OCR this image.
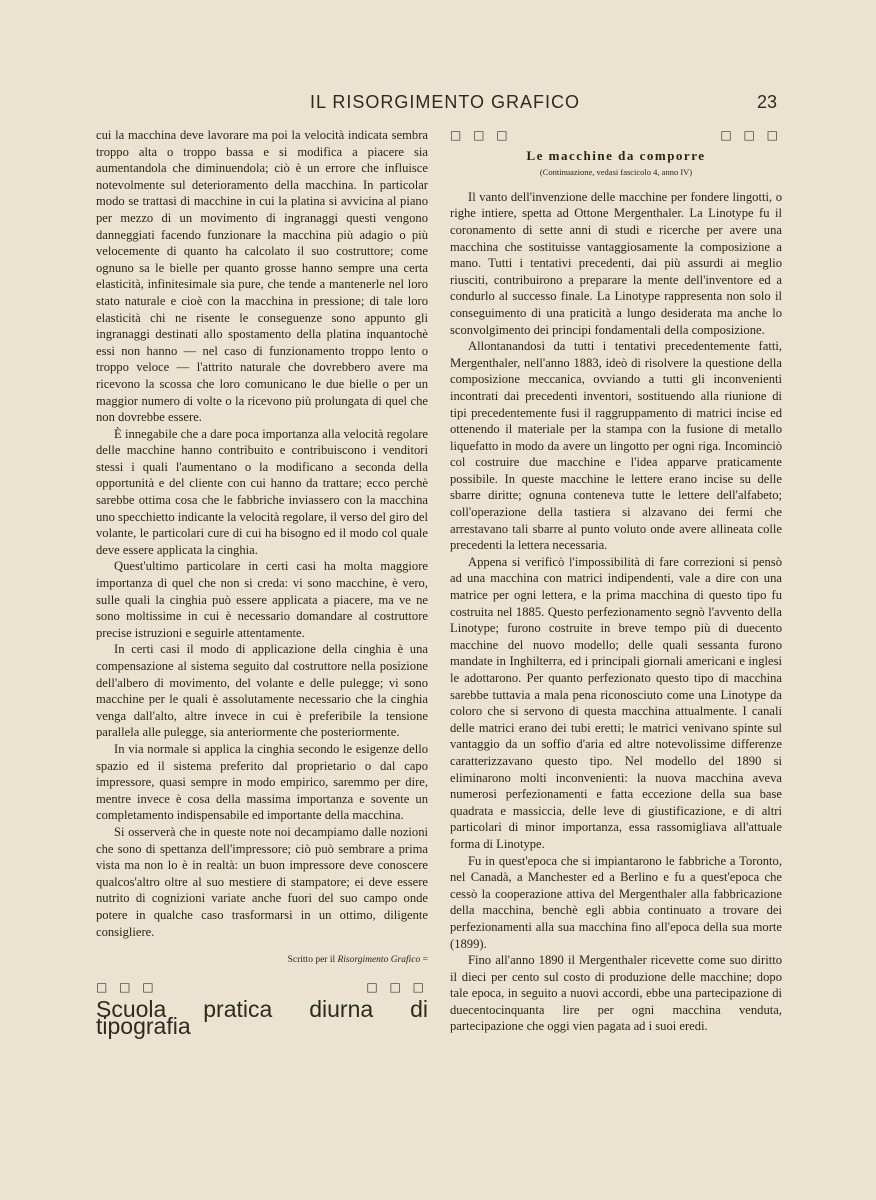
IL RISORGIMENTO GRAFICO	23

cui la macchina deve lavorare ma poi la velocità indicata sembra troppo alta o troppo bassa e si modifica a piacere sia aumentandola che diminuendola; ciò è un errore che influisce notevolmente sul deterioramento della macchina. In particolar modo se trattasi di macchine in cui la platina si avvicina al piano per mezzo di un movimento di ingranaggi questi vengono danneggiati facendo funzionare la macchina più adagio o più velocemente di quanto ha calcolato il suo costruttore; come ognuno sa le bielle per quanto grosse hanno sempre una certa elasticità, infinitesimale sia pure, che tende a mantenerle nel loro stato naturale e cioè con la macchina in pressione; di tale loro elasticità chi ne risente le conseguenze sono appunto gli ingranaggi destinati allo spostamento della platina inquantochè essi non hanno — nel caso di funzionamento troppo lento o troppo veloce — l'attrito naturale che dovrebbero avere ma ricevono la scossa che loro comunicano le due bielle o per un maggior numero di volte o la ricevono più prolungata di quel che non dovrebbe essere.

È innegabile che a dare poca importanza alla velocità regolare delle macchine hanno contribuito e contribuiscono i venditori stessi i quali l'aumentano o la modificano a seconda della opportunità e del cliente con cui hanno da trattare; ecco perchè sarebbe ottima cosa che le fabbriche inviassero con la macchina uno specchietto indicante la velocità regolare, il verso del giro del volante, le particolari cure di cui ha bisogno ed il modo col quale deve essere applicata la cinghia.

Quest'ultimo particolare in certi casi ha molta maggiore importanza di quel che non si creda: vi sono macchine, è vero, sulle quali la cinghia può essere applicata a piacere, ma ve ne sono moltissime in cui è necessario domandare al costruttore precise istruzioni e seguirle attentamente.

In certi casi il modo di applicazione della cinghia è una compensazione al sistema seguito dal costruttore nella posizione dell'albero di movimento, del volante e delle pulegge; vi sono macchine per le quali è assolutamente necessario che la cinghia venga dall'alto, altre invece in cui è preferibile la tensione parallela alle pulegge, sia anteriormente che posteriormente.

In via normale si applica la cinghia secondo le esigenze dello spazio ed il sistema preferito dal proprietario o dal capo impressore, quasi sempre in modo empirico, saremmo per dire, mentre invece è cosa della massima importanza e sovente un completamento indispensabile ed importante della macchina.

Si osserverà che in queste note noi decampiamo dalle nozioni che sono di spettanza dell'impressore; ciò può sembrare a prima vista ma non lo è in realtà: un buon impressore deve conoscere qualcos'altro oltre al suo mestiere di stampatore; ei deve essere nutrito di cognizioni variate anche fuori del suo campo onde potere in qualche caso trasformarsi in un ottimo, diligente consigliere.

Scritto per il Risorgimento Grafico =
□ □ □	□ □ □
Scuola pratica diurna di tipografia
□ □ □	□ □ □
Le macchine da comporre
(Continuazione, vedasi fascicolo 4, anno IV)

Il vanto dell'invenzione delle macchine per fondere lingotti, o righe intiere, spetta ad Ottone Mergenthaler. La Linotype fu il coronamento di sette anni di studi e ricerche per avere una macchina che sostituisse vantaggiosamente la composizione a mano. Tutti i tentativi precedenti, dai più assurdi ai meglio riusciti, contribuirono a preparare la mente dell'inventore ed a condurlo al successo finale. La Linotype rappresenta non solo il conseguimento di una praticità a lungo desiderata ma anche lo sconvolgimento dei principi fondamentali della composizione.

Allontanandosi da tutti i tentativi precedentemente fatti, Mergenthaler, nell'anno 1883, ideò di risolvere la questione della composizione meccanica, ovviando a tutti gli inconvenienti incontrati dai precedenti inventori, sostituendo alla riunione di tipi precedentemente fusi il raggruppamento di matrici incise ed ottenendo il materiale per la stampa con la fusione di metallo liquefatto in modo da avere un lingotto per ogni riga. Incominciò col costruire due macchine e l'idea apparve praticamente possibile. In queste macchine le lettere erano incise su delle sbarre diritte; ognuna conteneva tutte le lettere dell'alfabeto; coll'operazione della tastiera si alzavano dei fermi che arrestavano tali sbarre al punto voluto onde avere allineata colle precedenti la lettera necessaria.

Appena si verificò l'impossibilità di fare correzioni si pensò ad una macchina con matrici indipendenti, vale a dire con una matrice per ogni lettera, e la prima macchina di questo tipo fu costruita nel 1885. Questo perfezionamento segnò l'avvento della Linotype; furono costruite in breve tempo più di duecento macchine del nuovo modello; delle quali sessanta furono mandate in Inghilterra, ed i principali giornali americani e inglesi le adottarono. Per quanto perfezionato questo tipo di macchina sarebbe tuttavia a mala pena riconosciuto come una Linotype da coloro che si servono di questa macchina attualmente. I canali delle matrici erano dei tubi eretti; le matrici venivano spinte sul vantaggio da un soffio d'aria ed altre notevolissime differenze caratterizzavano questo tipo. Nel modello del 1890 si eliminarono molti inconvenienti: la nuova macchina aveva numerosi perfezionamenti e fatta eccezione della sua base quadrata e massiccia, delle leve di giustificazione, e di altri particolari di minor importanza, essa rassomigliava all'attuale forma di Linotype.

Fu in quest'epoca che si impiantarono le fabbriche a Toronto, nel Canadà, a Manchester ed a Berlino e fu a quest'epoca che cessò la cooperazione attiva del Mergenthaler alla fabbricazione della macchina, benchè egli abbia continuato a trovare dei perfezionamenti alla sua macchina fino all'epoca della sua morte (1899).

Fino all'anno 1890 il Mergenthaler ricevette come suo diritto il dieci per cento sul costo di produzione delle macchine; dopo tale epoca, in seguito a nuovi accordi, ebbe una partecipazione di duecentocinquanta lire per ogni macchina venduta, partecipazione che oggi vien pagata ad i suoi eredi.
